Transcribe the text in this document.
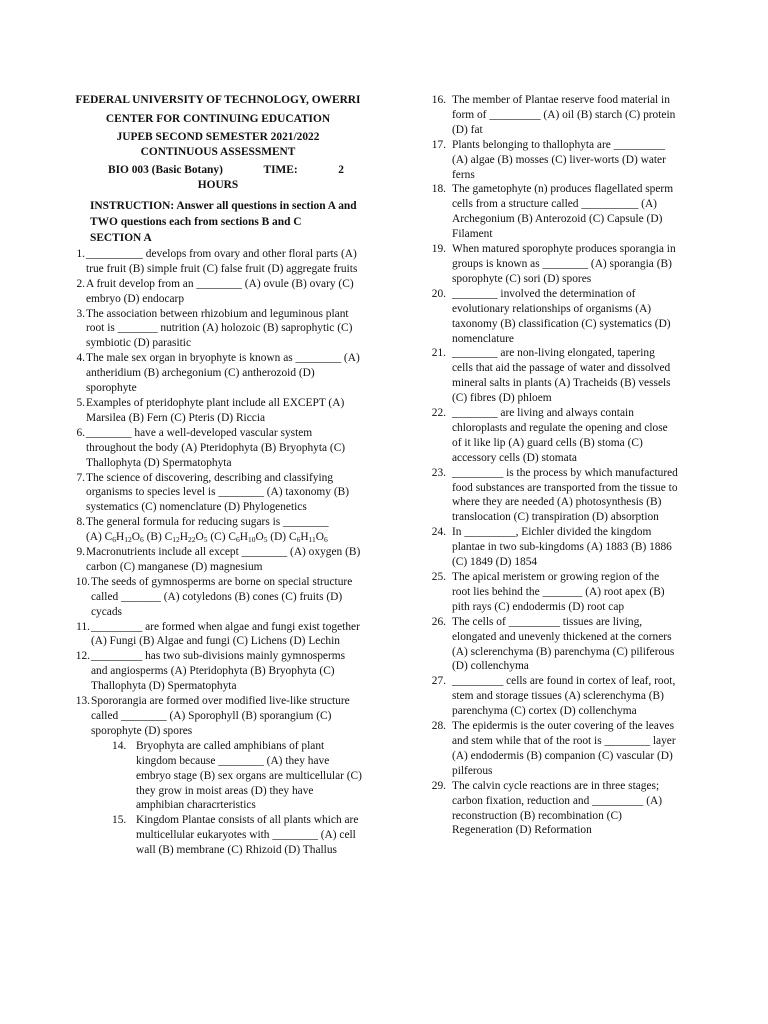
FEDERAL UNIVERSITY OF TECHNOLOGY, OWERRI
CENTER FOR CONTINUING EDUCATION
JUPEB SECOND SEMESTER 2021/2022
CONTINUOUS ASSESSMENT
BIO 003 (Basic Botany)	TIME:	2
HOURS
INSTRUCTION: Answer all questions in section A and TWO questions each from sections B and C
SECTION A
1. __________ develops from ovary and other floral parts (A) true fruit (B) simple fruit (C) false fruit (D) aggregate fruits
2. A fruit develop from an ________ (A) ovule (B) ovary (C) embryo (D) endocarp
3. The association between rhizobium and leguminous plant root is _______ nutrition (A) holozoic (B) saprophytic (C) symbiotic (D) parasitic
4. The male sex organ in bryophyte is known as ________ (A) antheridium (B) archegonium (C) antherozoid (D) sporophyte
5. Examples of pteridophyte plant include all EXCEPT (A) Marsilea (B) Fern (C) Pteris (D) Riccia
6. ________ have a well-developed vascular system throughout the body (A) Pteridophyta (B) Bryophyta (C) Thallophyta (D) Spermatophyta
7. The science of discovering, describing and classifying organisms to species level is ________ (A) taxonomy (B) systematics (C) nomenclature (D) Phylogenetics
8. The general formula for reducing sugars is ________ (A) $C_6H_{12}O_6$ (B) $C_{12}H_{22}O_5$ (C) $C_6H_{10}O_5$ (D) $C_6H_{11}O_6$
9. Macronutrients include all except ________ (A) oxygen (B) carbon (C) manganese (D) magnesium
10. The seeds of gymnosperms are borne on special structure called _______ (A) cotyledons (B) cones (C) fruits (D) cycads
11. _________ are formed when algae and fungi exist together (A) Fungi (B) Algae and fungi (C) Lichens (D) Lechin
12. _________ has two sub-divisions mainly gymnosperms and angiosperms (A) Pteridophyta (B) Bryophyta (C) Thallophyta (D) Spermatophyta
13. Spororangia are formed over modified live-like structure called ________ (A) Sporophyll (B) sporangium (C) sporophyte (D) spores
14. Bryophyta are called amphibians of plant kingdom because ________ (A) they have embryo stage (B) sex organs are multicellular (C) they grow in moist areas (D) they have amphibian characrteristics
15. Kingdom Plantae consists of all plants which are multicellular eukaryotes with ________ (A) cell wall (B) membrane (C) Rhizoid (D) Thallus
16. The member of Plantae reserve food material in form of _________ (A) oil (B) starch (C) protein (D) fat
17. Plants belonging to thallophyta are _________ (A) algae (B) mosses (C) liver-worts (D) water ferns
18. The gametophyte (n) produces flagellated sperm cells from a structure called __________ (A) Archegonium (B) Anterozoid (C) Capsule (D) Filament
19. When matured sporophyte produces sporangia in groups is known as ________ (A) sporangia (B) sporophyte (C) sori (D) spores
20. ________ involved the determination of evolutionary relationships of organisms (A) taxonomy (B) classification (C) systematics (D) nomenclature
21. ________ are non-living elongated, tapering cells that aid the passage of water and dissolved mineral salts in plants (A) Tracheids (B) vessels (C) fibres (D) phloem
22. ________ are living and always contain chloroplasts and regulate the opening and close of it like lip (A) guard cells (B) stoma (C) accessory cells (D) stomata
23. _________ is the process by which manufactured food substances are transported from the tissue to where they are needed (A) photosynthesis (B) translocation (C) transpiration (D) absorption
24. In _________, Eichler divided the kingdom plantae in two sub-kingdoms (A) 1883 (B) 1886 (C) 1849 (D) 1854
25. The apical meristem or growing region of the root lies behind the _______ (A) root apex (B) pith rays (C) endodermis (D) root cap
26. The cells of _________ tissues are living, elongated and unevenly thickened at the corners (A) sclerenchyma (B) parenchyma (C) piliferous (D) collenchyma
27. _________ cells are found in cortex of leaf, root, stem and storage tissues (A) sclerenchyma (B) parenchyma (C) cortex (D) collenchyma
28. The epidermis is the outer covering of the leaves and stem while that of the root is ________ layer (A) endodermis (B) companion (C) vascular (D) pilferous
29. The calvin cycle reactions are in three stages; carbon fixation, reduction and _________ (A) reconstruction (B) recombination (C) Regeneration (D) Reformation
